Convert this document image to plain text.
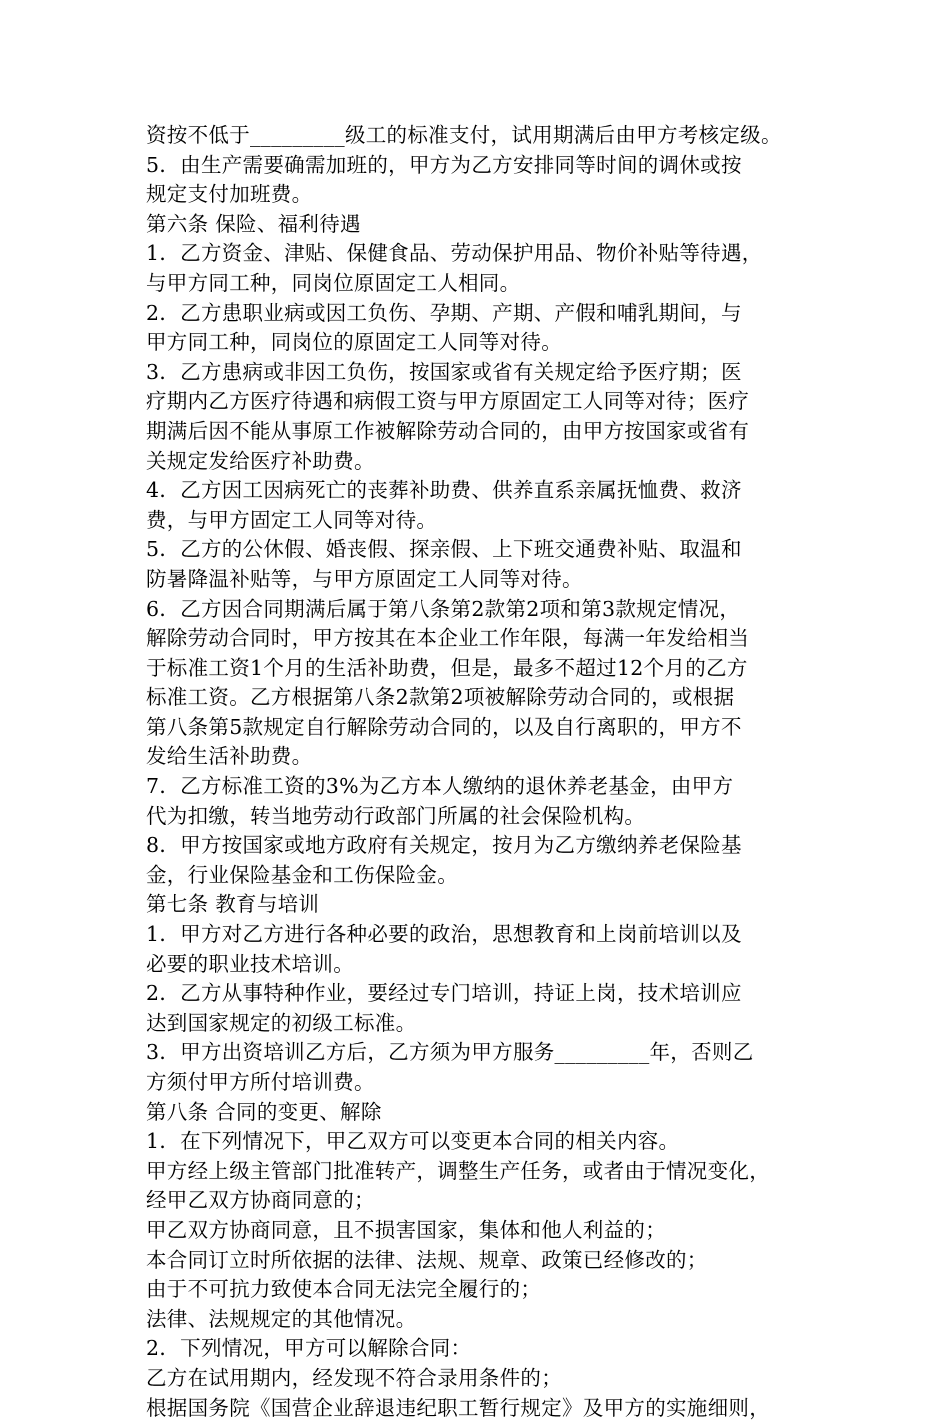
资按不低于_________级工的标准支付，试用期满后由甲方考核定级。
5．由生产需要确需加班的，甲方为乙方安排同等时间的调休或按
规定支付加班费。
第六条 保险、福利待遇
1．乙方资金、津贴、保健食品、劳动保护用品、物价补贴等待遇，
与甲方同工种，同岗位原固定工人相同。
2．乙方患职业病或因工负伤、孕期、产期、产假和哺乳期间，与
甲方同工种，同岗位的原固定工人同等对待。
3．乙方患病或非因工负伤，按国家或省有关规定给予医疗期；医
疗期内乙方医疗待遇和病假工资与甲方原固定工人同等对待；医疗
期满后因不能从事原工作被解除劳动合同的，由甲方按国家或省有
关规定发给医疗补助费。
4．乙方因工因病死亡的丧葬补助费、供养直系亲属抚恤费、救济
费，与甲方固定工人同等对待。
5．乙方的公休假、婚丧假、探亲假、上下班交通费补贴、取温和
防暑降温补贴等，与甲方原固定工人同等对待。
6．乙方因合同期满后属于第八条第2款第2项和第3款规定情况，
解除劳动合同时，甲方按其在本企业工作年限，每满一年发给相当
于标准工资1个月的生活补助费，但是，最多不超过12个月的乙方
标准工资。乙方根据第八条2款第2项被解除劳动合同的，或根据
第八条第5款规定自行解除劳动合同的，以及自行离职的，甲方不
发给生活补助费。
7．乙方标准工资的3%为乙方本人缴纳的退休养老基金，由甲方
代为扣缴，转当地劳动行政部门所属的社会保险机构。
8．甲方按国家或地方政府有关规定，按月为乙方缴纳养老保险基
金，行业保险基金和工伤保险金。
第七条 教育与培训
1．甲方对乙方进行各种必要的政治，思想教育和上岗前培训以及
必要的职业技术培训。
2．乙方从事特种作业，要经过专门培训，持证上岗，技术培训应
达到国家规定的初级工标准。
3．甲方出资培训乙方后，乙方须为甲方服务_________年，否则乙
方须付甲方所付培训费。
第八条 合同的变更、解除
1．在下列情况下，甲乙双方可以变更本合同的相关内容。
甲方经上级主管部门批准转产，调整生产任务，或者由于情况变化，
经甲乙双方协商同意的；
甲乙双方协商同意，且不损害国家，集体和他人利益的；
本合同订立时所依据的法律、法规、规章、政策已经修改的；
由于不可抗力致使本合同无法完全履行的；
法律、法规规定的其他情况。
2．下列情况，甲方可以解除合同：
乙方在试用期内，经发现不符合录用条件的；
根据国务院《国营企业辞退违纪职工暂行规定》及甲方的实施细则，
